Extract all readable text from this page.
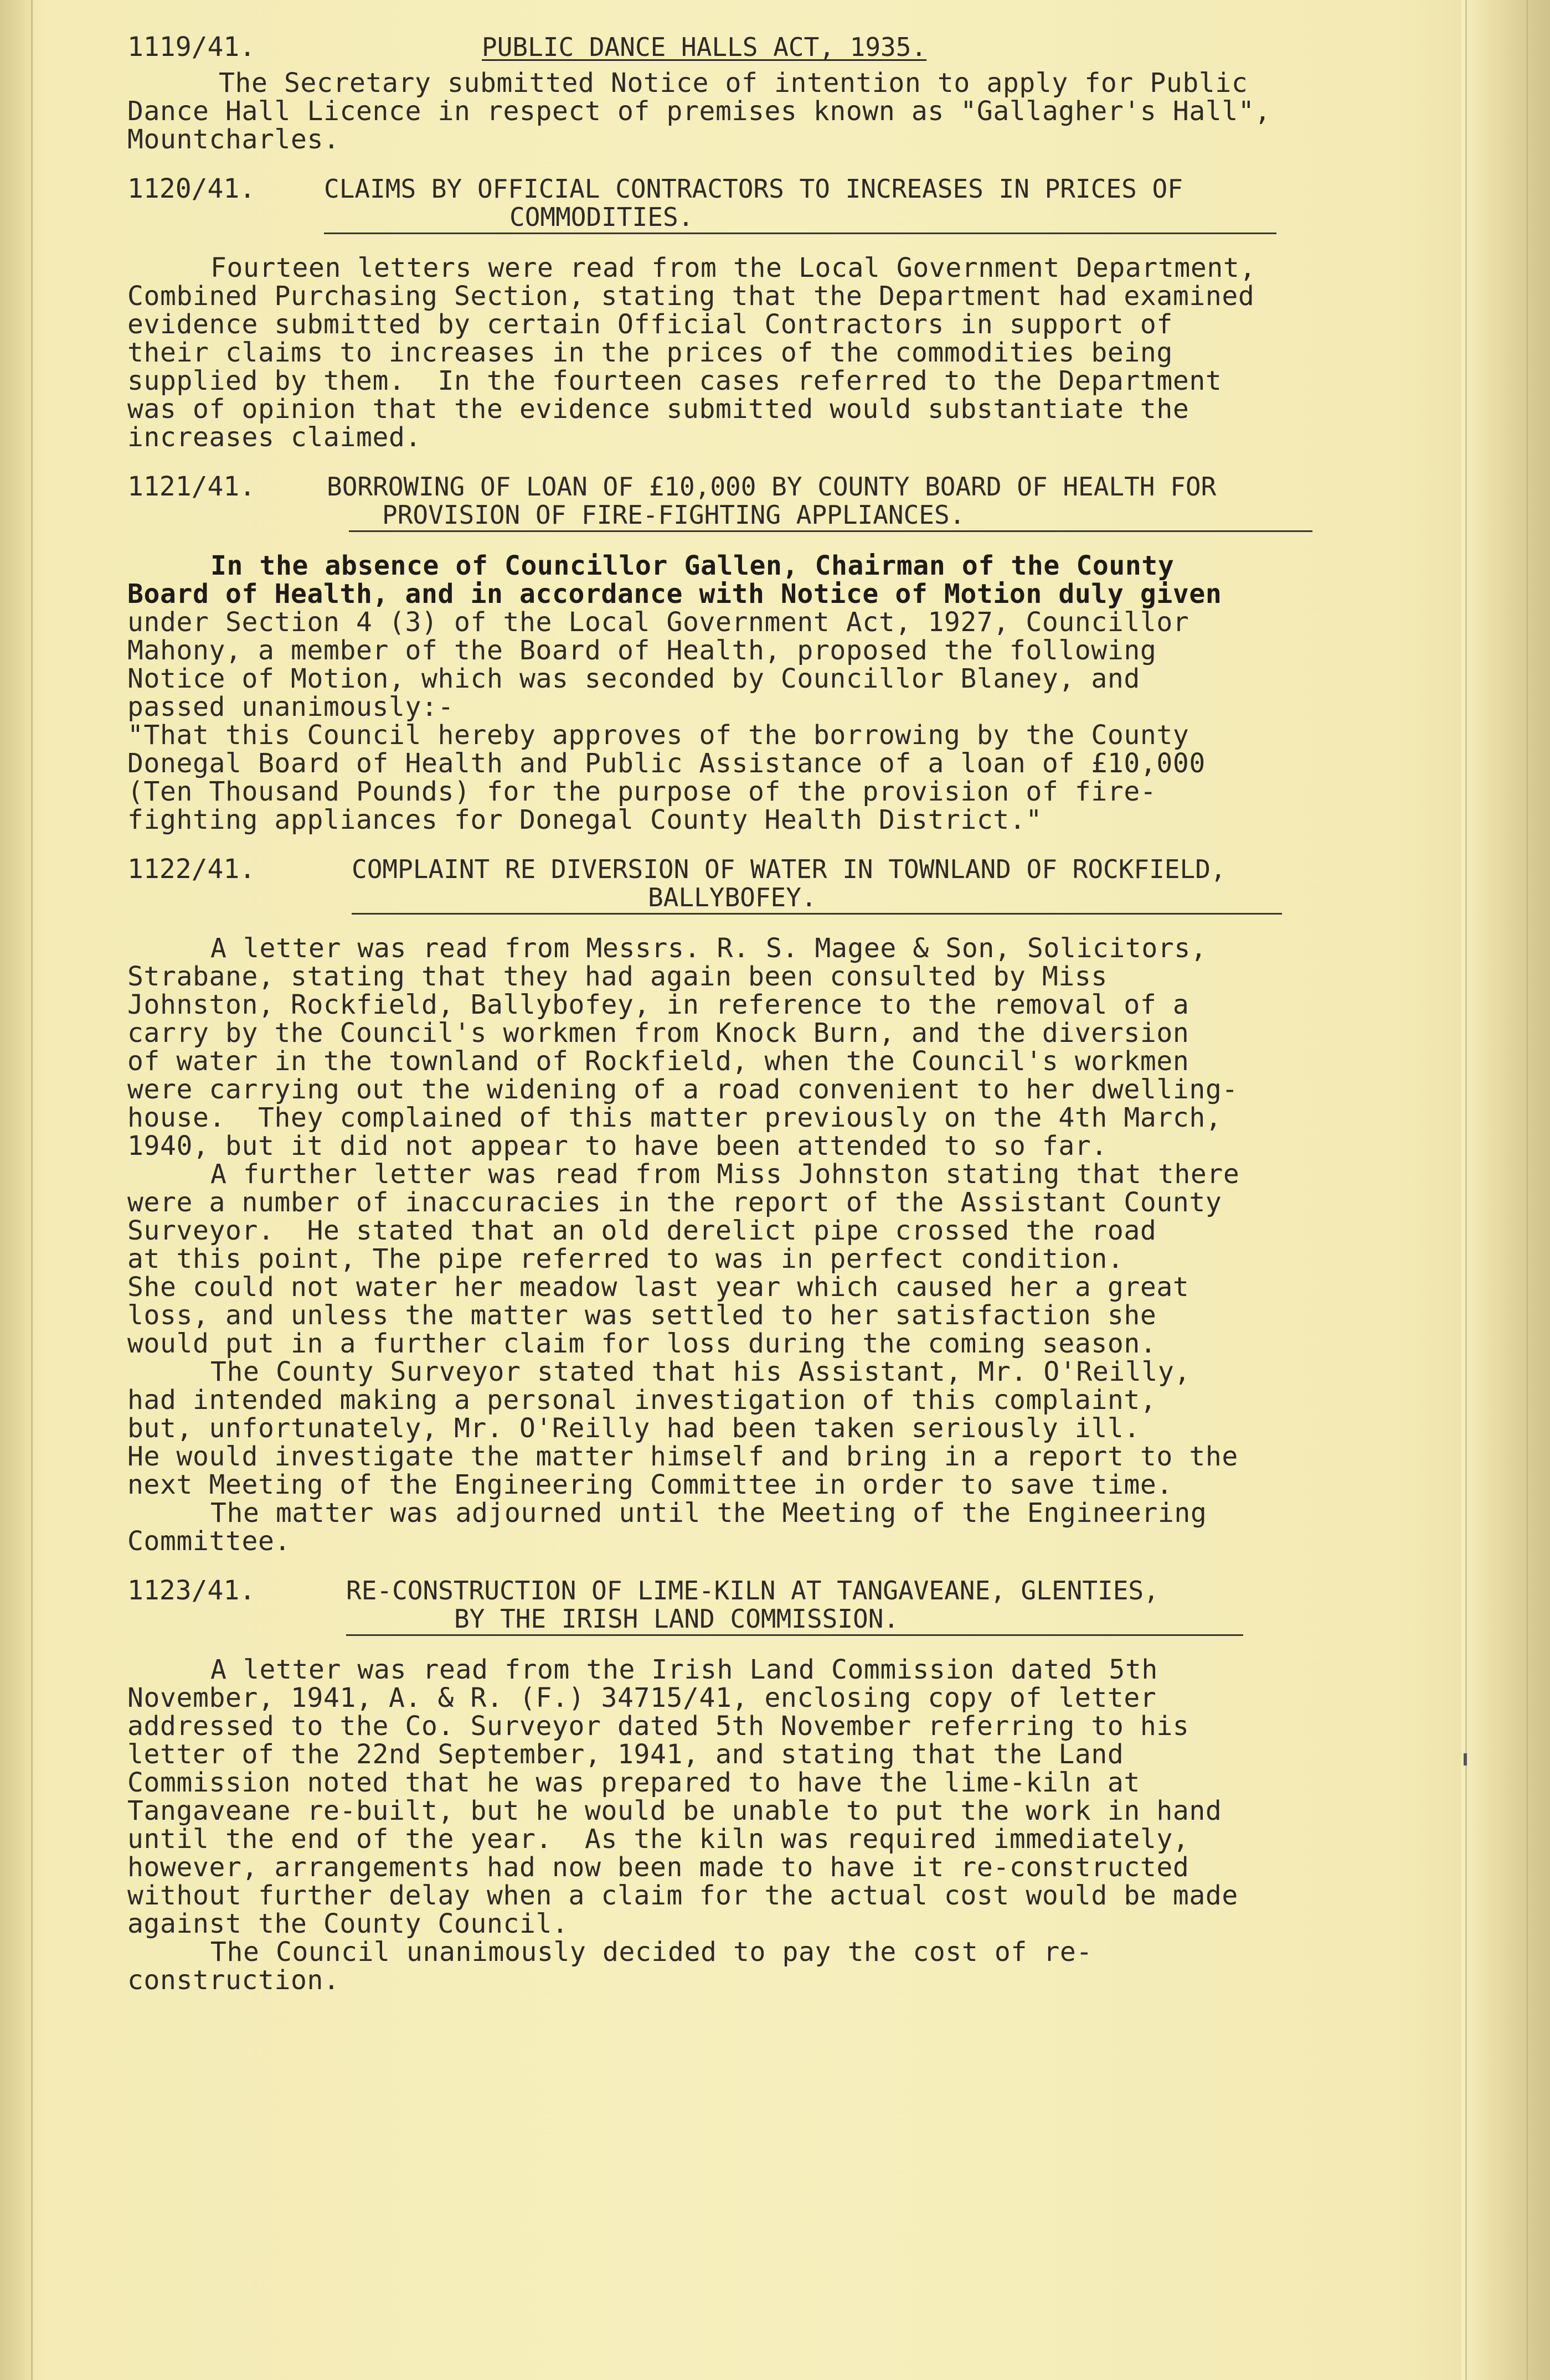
1119/41.	PUBLIC DANCE HALLS ACT, 1935.
The Secretary submitted Notice of intention to apply for Public
Dance Hall Licence in respect of premises known as "Gallagher's Hall",
Mountcharles.
1120/41.	CLAIMS BY OFFICIAL CONTRACTORS TO INCREASES IN PRICES OF
COMMODITIES.
Fourteen letters were read from the Local Government Department,
Combined Purchasing Section, stating that the Department had examined
evidence submitted by certain Official Contractors in support of
their claims to increases in the prices of the commodities being
supplied by them.  In the fourteen cases referred to the Department
was of opinion that the evidence submitted would substantiate the
increases claimed.
1121/41.	BORROWING OF LOAN OF £10,000 BY COUNTY BOARD OF HEALTH FOR
PROVISION OF FIRE-FIGHTING APPLIANCES.
In the absence of Councillor Gallen, Chairman of the County
Board of Health, and in accordance with Notice of Motion duly given
under Section 4 (3) of the Local Government Act, 1927, Councillor
Mahony, a member of the Board of Health, proposed the following
Notice of Motion, which was seconded by Councillor Blaney, and
passed unanimously:-
"That this Council hereby approves of the borrowing by the County
Donegal Board of Health and Public Assistance of a loan of £10,000
(Ten Thousand Pounds) for the purpose of the provision of fire-
fighting appliances for Donegal County Health District."
1122/41.	COMPLAINT RE DIVERSION OF WATER IN TOWNLAND OF ROCKFIELD,
BALLYBOFEY.
A letter was read from Messrs. R. S. Magee & Son, Solicitors,
Strabane, stating that they had again been consulted by Miss
Johnston, Rockfield, Ballybofey, in reference to the removal of a
carry by the Council's workmen from Knock Burn, and the diversion
of water in the townland of Rockfield, when the Council's workmen
were carrying out the widening of a road convenient to her dwelling-
house.  They complained of this matter previously on the 4th March,
1940, but it did not appear to have been attended to so far.
A further letter was read from Miss Johnston stating that there
were a number of inaccuracies in the report of the Assistant County
Surveyor.  He stated that an old derelict pipe crossed the road
at this point, The pipe referred to was in perfect condition.
She could not water her meadow last year which caused her a great
loss, and unless the matter was settled to her satisfaction she
would put in a further claim for loss during the coming season.
The County Surveyor stated that his Assistant, Mr. O'Reilly,
had intended making a personal investigation of this complaint,
but, unfortunately, Mr. O'Reilly had been taken seriously ill.
He would investigate the matter himself and bring in a report to the
next Meeting of the Engineering Committee in order to save time.
The matter was adjourned until the Meeting of the Engineering
Committee.
1123/41.	RE-CONSTRUCTION OF LIME-KILN AT TANGAVEANE, GLENTIES,
BY THE IRISH LAND COMMISSION.
A letter was read from the Irish Land Commission dated 5th
November, 1941, A. & R. (F.) 34715/41, enclosing copy of letter
addressed to the Co. Surveyor dated 5th November referring to his
letter of the 22nd September, 1941, and stating that the Land
Commission noted that he was prepared to have the lime-kiln at
Tangaveane re-built, but he would be unable to put the work in hand
until the end of the year.  As the kiln was required immediately,
however, arrangements had now been made to have it re-constructed
without further delay when a claim for the actual cost would be made
against the County Council.
The Council unanimously decided to pay the cost of re-
construction.
